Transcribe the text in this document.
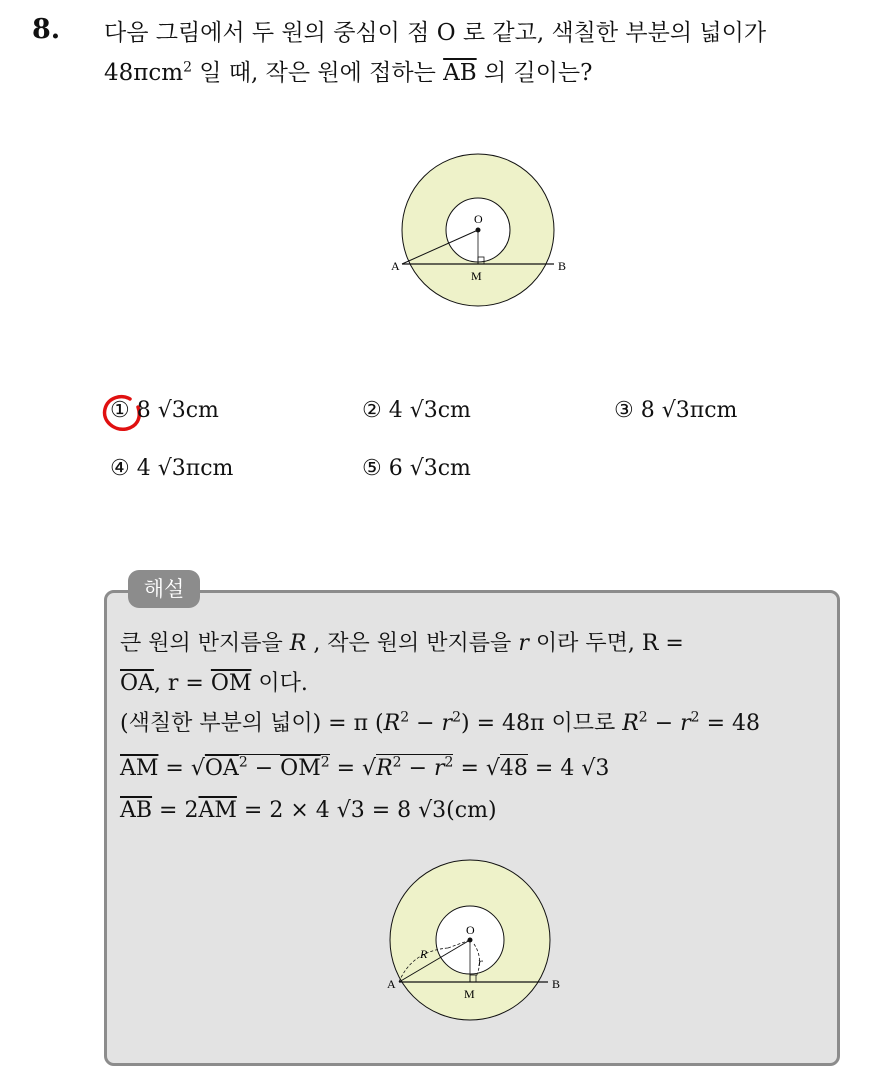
8. 다음 그림에서 두 원의 중심이 점 O 로 같고, 색칠한 부분의 넓이가
48πcm$^2$ 일 때, 작은 원에 접하는 $\overline{AB}$ 의 길이는?
O
A
M
B
① 8 √3cm	② 4 √3cm	③ 8 √3πcm
④ 4 √3πcm	⑤ 6 √3cm
해설
큰 원의 반지름을 R , 작은 원의 반지름을 r 이라 두면, R =
$\overline{OA}$, $r = \overline{OM}$ 이다.
(색칠한 부분의 넓이) = π $(R^2 - r^2) = 48\pi$ 이므로 $R^2 - r^2 = 48$
$\overline{AM} = √OA^2 - \overline{OM}^2 = √R^2 - r^2 = √48 = 4$ √3
$\overline{AB} = 2\overline{AM} = 2 \times 4$ √3 = 8 √3(cm)
O
R
r
A
M
B
